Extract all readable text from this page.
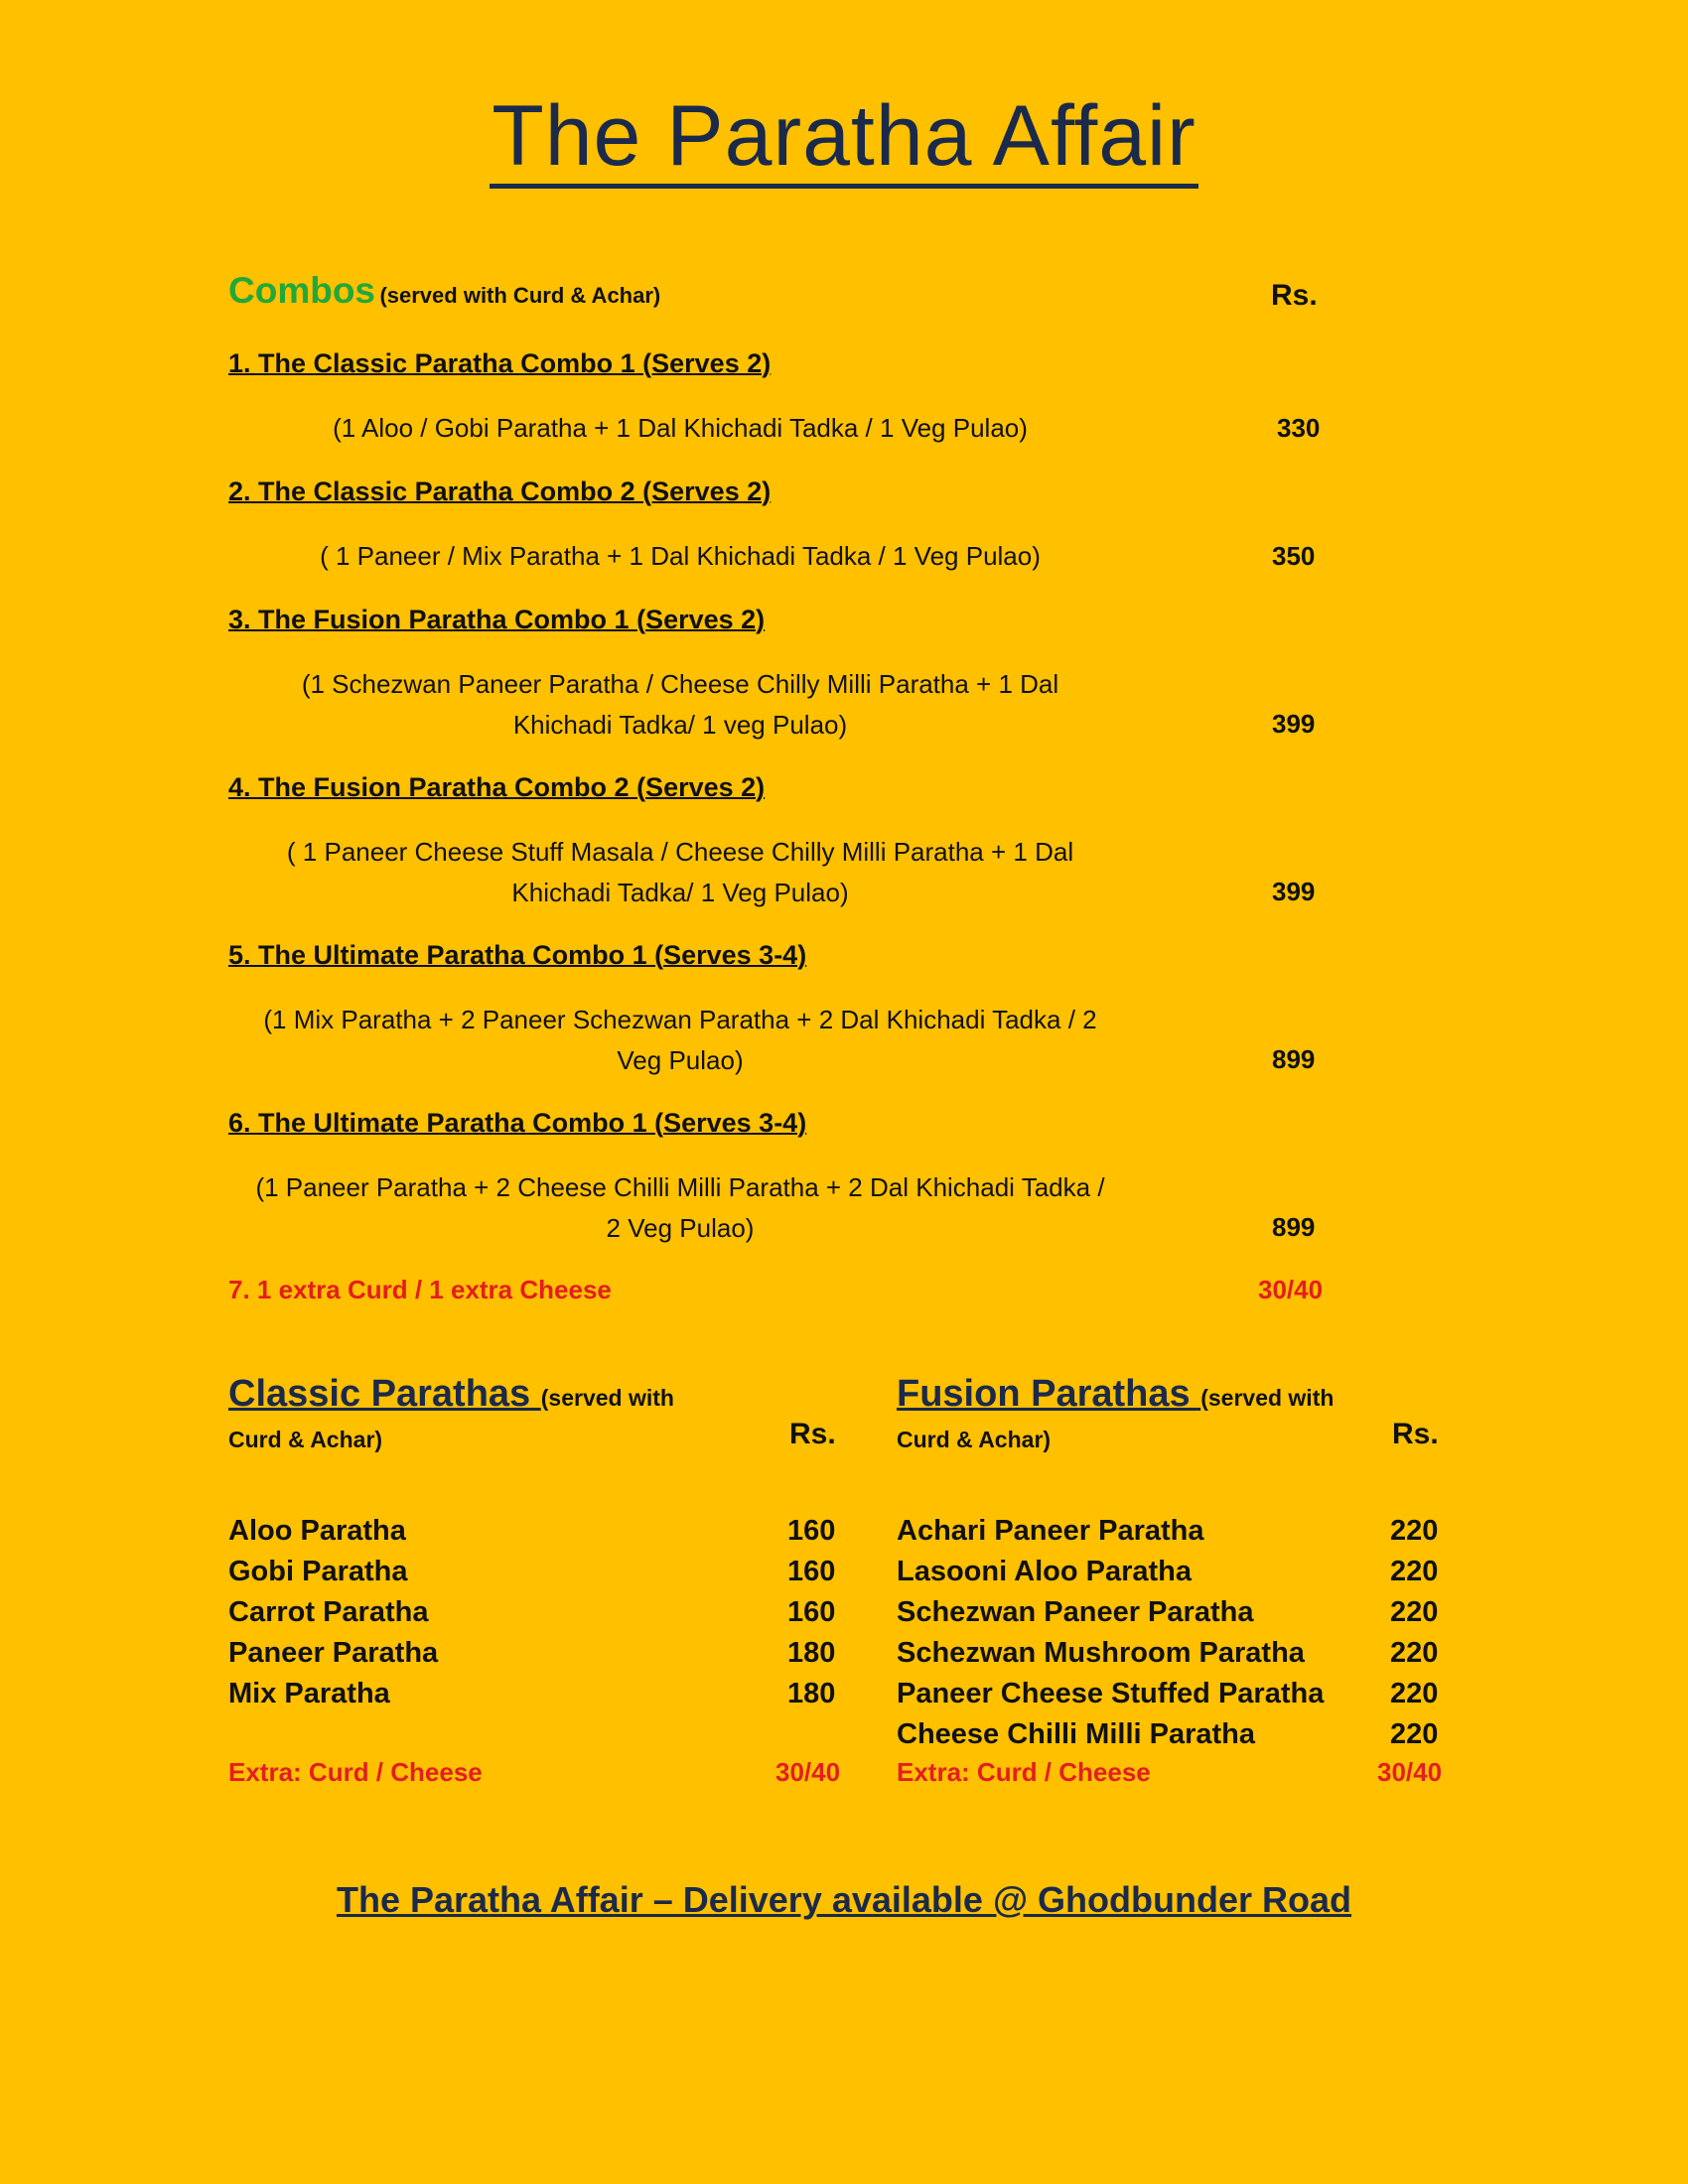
The Paratha Affair
Combos (served with Curd & Achar)	Rs.
1. The Classic Paratha Combo 1 (Serves 2)
(1 Aloo / Gobi Paratha + 1 Dal Khichadi Tadka / 1 Veg Pulao)	330
2. The Classic Paratha Combo 2 (Serves 2)
( 1 Paneer / Mix Paratha + 1 Dal Khichadi Tadka / 1 Veg Pulao)	350
3. The Fusion Paratha Combo 1 (Serves 2)
(1 Schezwan Paneer Paratha / Cheese Chilly Milli Paratha + 1 Dal
Khichadi Tadka/ 1 veg Pulao)	399
4. The Fusion Paratha Combo 2 (Serves 2)
( 1 Paneer Cheese Stuff Masala / Cheese Chilly Milli Paratha + 1 Dal
Khichadi Tadka/ 1 Veg Pulao)	399
5. The Ultimate Paratha Combo 1 (Serves 3-4)
(1 Mix Paratha + 2 Paneer Schezwan Paratha + 2 Dal Khichadi Tadka / 2
Veg Pulao)	899
6. The Ultimate Paratha Combo 1 (Serves 3-4)
(1 Paneer Paratha + 2 Cheese Chilli Milli Paratha + 2 Dal Khichadi Tadka /
2 Veg Pulao)	899
7. 1 extra Curd / 1 extra Cheese	30/40
Classic Parathas (served with
Curd & Achar)	Rs.
Aloo Paratha	160
Gobi Paratha	160
Carrot Paratha	160
Paneer Paratha	180
Mix Paratha	180
Extra: Curd / Cheese	30/40
Fusion Parathas (served with
Curd & Achar)	Rs.
Achari Paneer Paratha	220
Lasooni Aloo Paratha	220
Schezwan Paneer Paratha	220
Schezwan Mushroom Paratha	220
Paneer Cheese Stuffed Paratha 220
Cheese Chilli Milli Paratha	220
Extra: Curd / Cheese	30/40
The Paratha Affair – Delivery available @ Ghodbunder Road
